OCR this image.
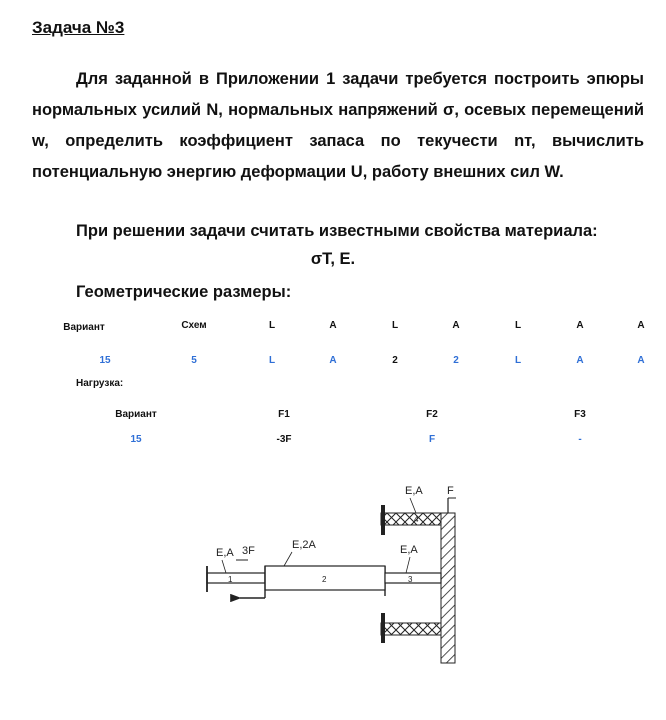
Задача №3
Для заданной в Приложении 1 задачи требуется построить эпюры нормальных усилий N, нормальных напряжений σ, осевых перемещений w, определить коэффициент запаса по текучести nт, вычислить потенциальную энергию деформации U, работу внешних сил W.
При решении задачи считать известными свойства материала:
σT, E.
Геометрические размеры:
Вариант	Схем	L	A	L	A	L	A	A
15	5	L	A	2	2	L	A	A
Нагрузка:
Вариант	F1	F2	F3
15	-3F	F	-
4
1	2	3
3F
F
E,A
E,A
E,2A	E,A
